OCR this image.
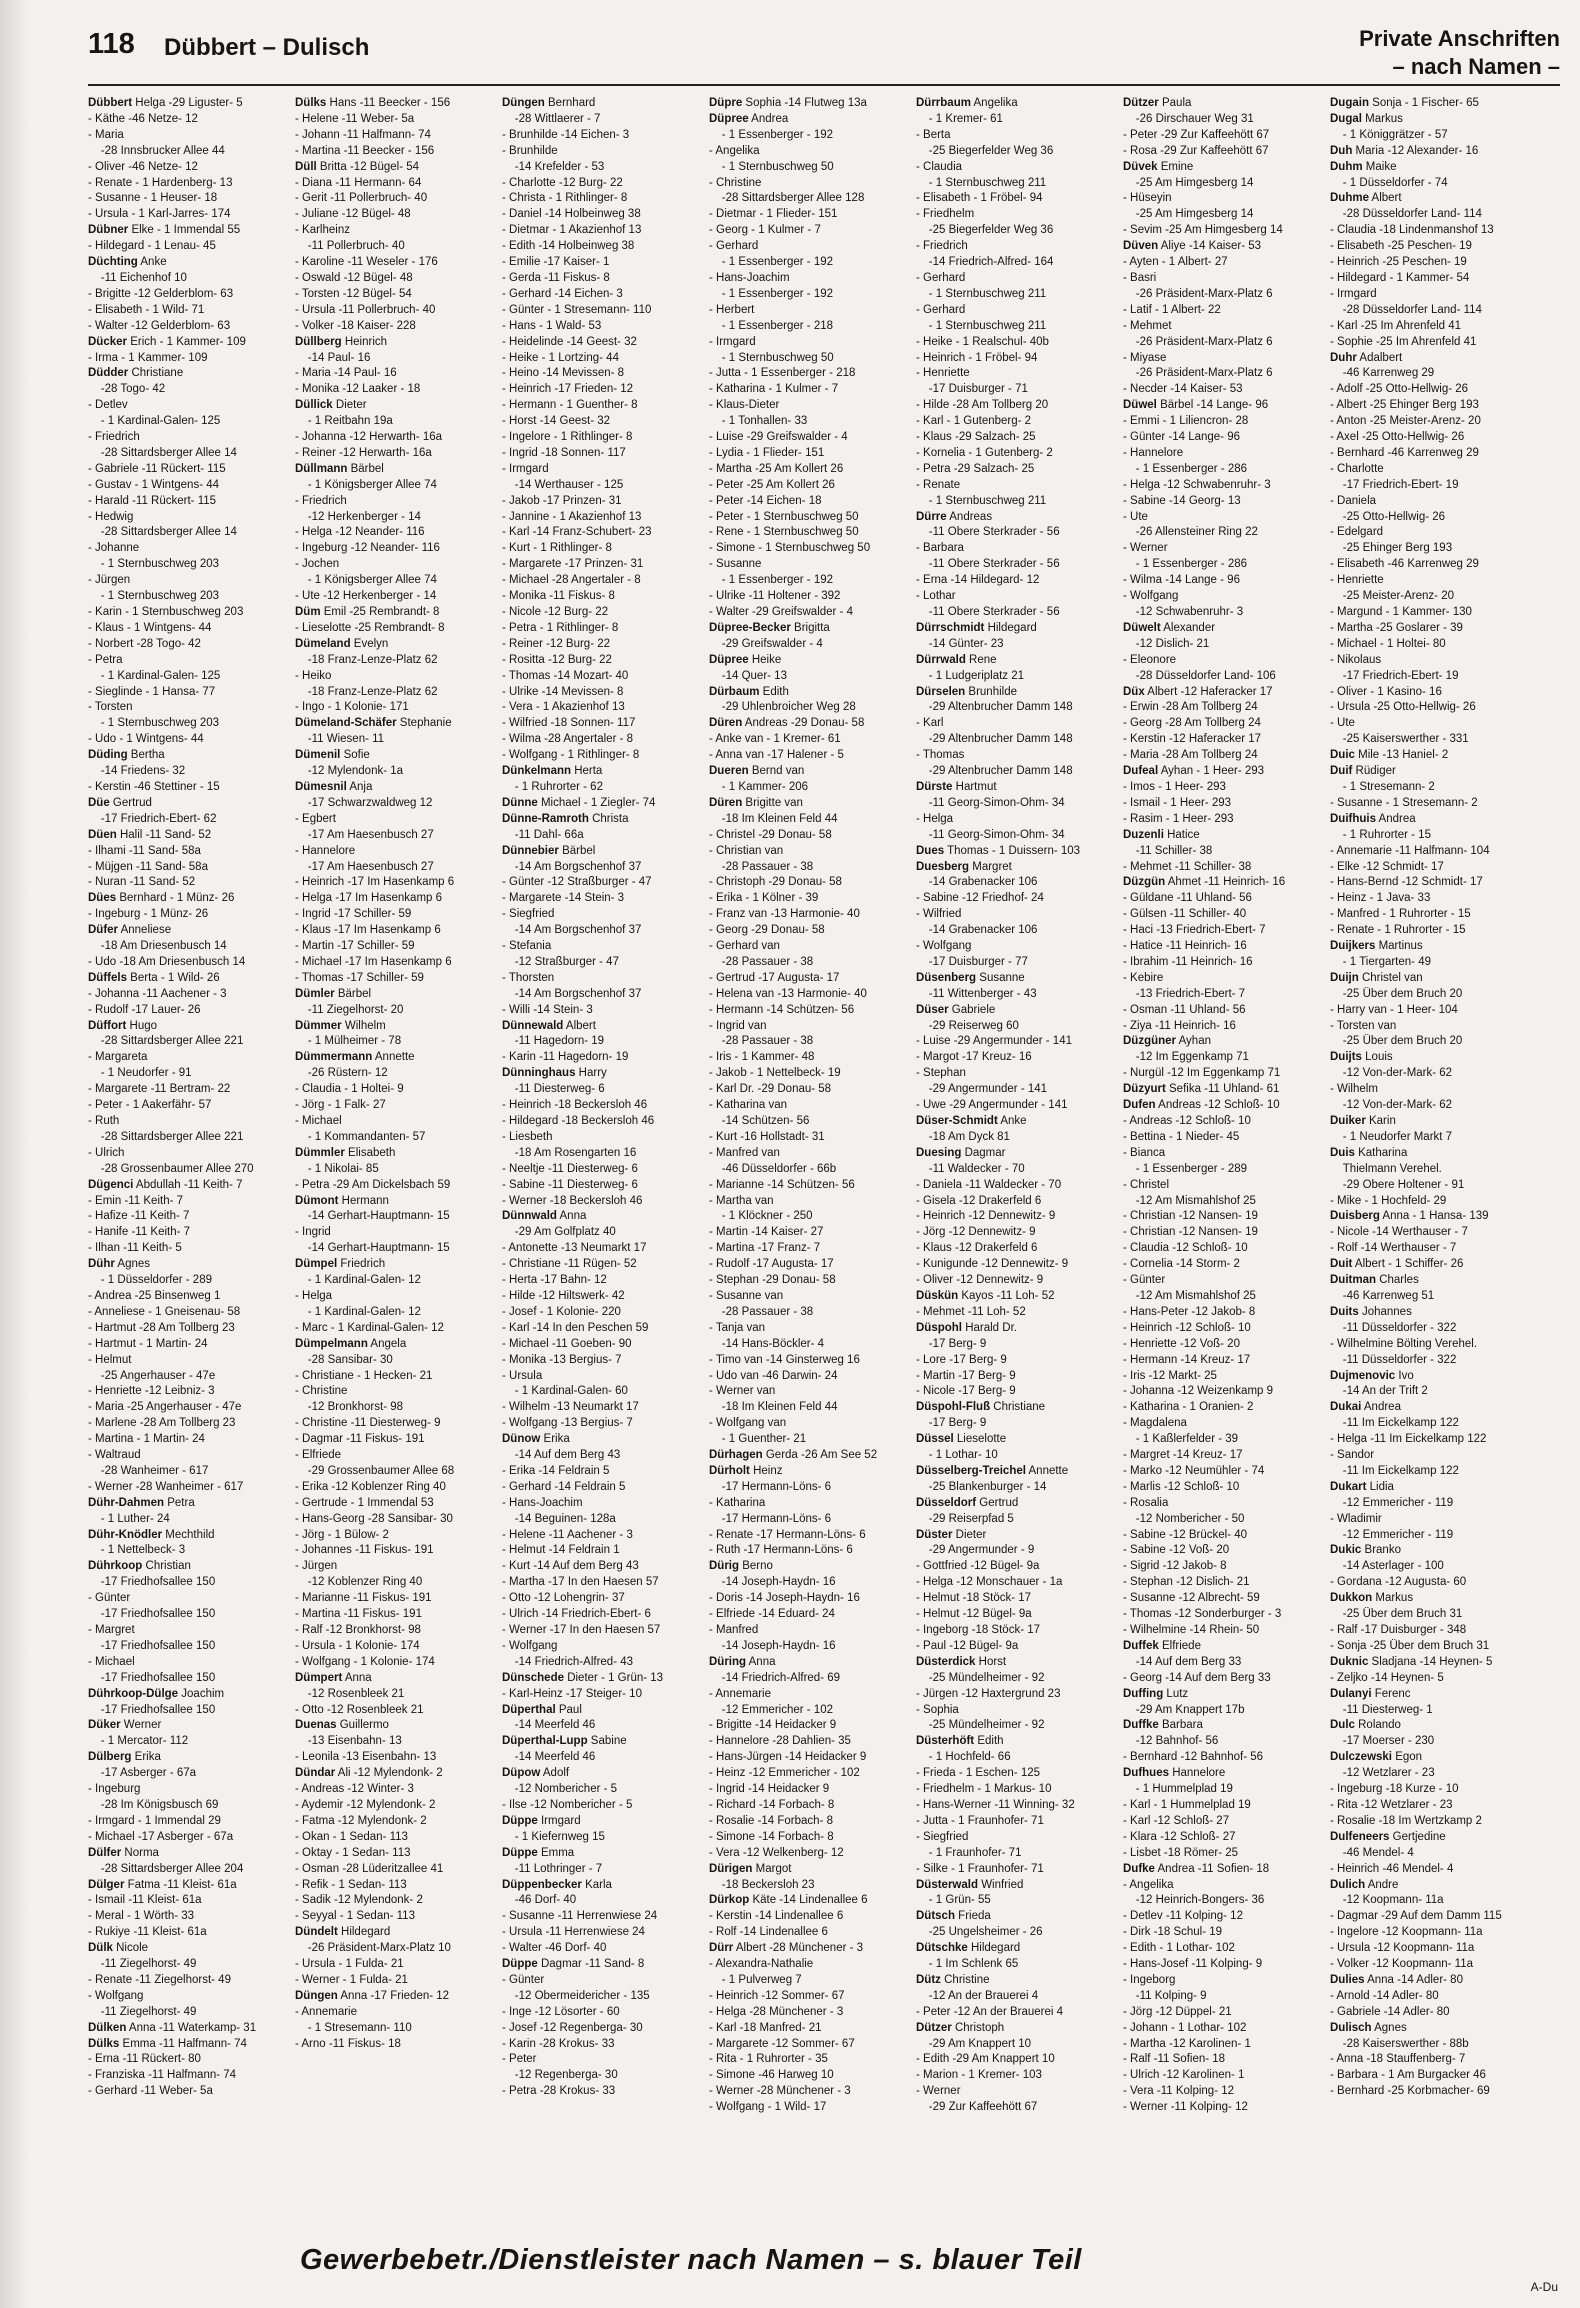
118 Dübbert – Dulisch	Private Anschriften
– nach Namen –
Dübbert Helga -29 Liguster- 5
- Käthe -46 Netze- 12
- Maria
-28 Innsbrucker Allee 44
- Oliver -46 Netze- 12
- Renate - 1 Hardenberg- 13
- Susanne - 1 Heuser- 18
- Ursula - 1 Karl-Jarres- 174
Dübner Elke - 1 Immendal 55
- Hildegard - 1 Lenau- 45
Düchting Anke
-11 Eichenhof 10
- Brigitte -12 Gelderblom- 63
- Elisabeth - 1 Wild- 71
- Walter -12 Gelderblom- 63
Dücker Erich - 1 Kammer- 109
- Irma - 1 Kammer- 109
Düdder Christiane
-28 Togo- 42
- Detlev
- 1 Kardinal-Galen- 125
- Friedrich
-28 Sittardsberger Allee 14
- Gabriele -11 Rückert- 115
- Gustav - 1 Wintgens- 44
- Harald -11 Rückert- 115
- Hedwig
-28 Sittardsberger Allee 14
- Johanne
- 1 Sternbuschweg 203
- Jürgen
- 1 Sternbuschweg 203
- Karin - 1 Sternbuschweg 203
- Klaus - 1 Wintgens- 44
- Norbert -28 Togo- 42
- Petra
- 1 Kardinal-Galen- 125
- Sieglinde - 1 Hansa- 77
- Torsten
- 1 Sternbuschweg 203
- Udo - 1 Wintgens- 44
Düding Bertha
-14 Friedens- 32
- Kerstin -46 Stettiner - 15
Düe Gertrud
-17 Friedrich-Ebert- 62
Düen Halil -11 Sand- 52
- Ilhami -11 Sand- 58a
- Müjgen -11 Sand- 58a
- Nuran -11 Sand- 52
Dües Bernhard - 1 Münz- 26
- Ingeburg - 1 Münz- 26
Düfer Anneliese
-18 Am Driesenbusch 14
- Udo -18 Am Driesenbusch 14
Düffels Berta - 1 Wild- 26
- Johanna -11 Aachener - 3
- Rudolf -17 Lauer- 26
Düffort Hugo
-28 Sittardsberger Allee 221
- Margareta
- 1 Neudorfer - 91
- Margarete -11 Bertram- 22
- Peter - 1 Aakerfähr- 57
- Ruth
-28 Sittardsberger Allee 221
- Ulrich
-28 Grossenbaumer Allee 270
Dügenci Abdullah -11 Keith- 7
- Emin -11 Keith- 7
- Hafize -11 Keith- 7
- Hanife -11 Keith- 7
- Ilhan -11 Keith- 5
Dühr Agnes
- 1 Düsseldorfer - 289
- Andrea -25 Binsenweg 1
- Anneliese - 1 Gneisenau- 58
- Hartmut -28 Am Tollberg 23
- Hartmut - 1 Martin- 24
- Helmut
-25 Angerhauser - 47e
- Henriette -12 Leibniz- 3
- Maria -25 Angerhauser - 47e
- Marlene -28 Am Tollberg 23
- Martina - 1 Martin- 24
- Waltraud
-28 Wanheimer - 617
- Werner -28 Wanheimer - 617
Dühr-Dahmen Petra
- 1 Luther- 24
Dühr-Knödler Mechthild
- 1 Nettelbeck- 3
Dührkoop Christian
-17 Friedhofsallee 150
- Günter
-17 Friedhofsallee 150
- Margret
-17 Friedhofsallee 150
- Michael
-17 Friedhofsallee 150
Dührkoop-Dülge Joachim
-17 Friedhofsallee 150
Düker Werner
- 1 Mercator- 112
Dülberg Erika
-17 Asberger - 67a
- Ingeburg
-28 Im Königsbusch 69
- Irmgard - 1 Immendal 29
- Michael -17 Asberger - 67a
Dülfer Norma
-28 Sittardsberger Allee 204
Dülger Fatma -11 Kleist- 61a
- Ismail -11 Kleist- 61a
- Meral - 1 Wörth- 33
- Rukiye -11 Kleist- 61a
Dülk Nicole
-11 Ziegelhorst- 49
- Renate -11 Ziegelhorst- 49
- Wolfgang
-11 Ziegelhorst- 49
Dülken Anna -11 Waterkamp- 31
Dülks Emma -11 Halfmann- 74
- Erna -11 Rückert- 80
- Franziska -11 Halfmann- 74
- Gerhard -11 Weber- 5a
Dülks Hans -11 Beecker - 156
- Helene -11 Weber- 5a
- Johann -11 Halfmann- 74
- Martina -11 Beecker - 156
Düll Britta -12 Bügel- 54
- Diana -11 Hermann- 64
- Gerit -11 Pollerbruch- 40
- Juliane -12 Bügel- 48
- Karlheinz
-11 Pollerbruch- 40
- Karoline -11 Weseler - 176
- Oswald -12 Bügel- 48
- Torsten -12 Bügel- 54
- Ursula -11 Pollerbruch- 40
- Volker -18 Kaiser- 228
Düllberg Heinrich
-14 Paul- 16
- Maria -14 Paul- 16
- Monika -12 Laaker - 18
Düllick Dieter
- 1 Reitbahn 19a
- Johanna -12 Herwarth- 16a
- Reiner -12 Herwarth- 16a
Düllmann Bärbel
- 1 Königsberger Allee 74
- Friedrich
-12 Herkenberger - 14
- Helga -12 Neander- 116
- Ingeburg -12 Neander- 116
- Jochen
- 1 Königsberger Allee 74
- Ute -12 Herkenberger - 14
Düm Emil -25 Rembrandt- 8
- Lieselotte -25 Rembrandt- 8
Dümeland Evelyn
-18 Franz-Lenze-Platz 62
- Heiko
-18 Franz-Lenze-Platz 62
- Ingo - 1 Kolonie- 171
Dümeland-Schäfer Stephanie
-11 Wiesen- 11
Dümenil Sofie
-12 Mylendonk- 1a
Dümesnil Anja
-17 Schwarzwaldweg 12
- Egbert
-17 Am Haesenbusch 27
- Hannelore
-17 Am Haesenbusch 27
- Heinrich -17 Im Hasenkamp 6
- Helga -17 Im Hasenkamp 6
- Ingrid -17 Schiller- 59
- Klaus -17 Im Hasenkamp 6
- Martin -17 Schiller- 59
- Michael -17 Im Hasenkamp 6
- Thomas -17 Schiller- 59
Dümler Bärbel
-11 Ziegelhorst- 20
Dümmer Wilhelm
- 1 Mülheimer - 78
Dümmermann Annette
-26 Rüstern- 12
- Claudia - 1 Holtei- 9
- Jörg - 1 Falk- 27
- Michael
- 1 Kommandanten- 57
Dümmler Elisabeth
- 1 Nikolai- 85
- Petra -29 Am Dickelsbach 59
Dümont Hermann
-14 Gerhart-Hauptmann- 15
- Ingrid
-14 Gerhart-Hauptmann- 15
Dümpel Friedrich
- 1 Kardinal-Galen- 12
- Helga
- 1 Kardinal-Galen- 12
- Marc - 1 Kardinal-Galen- 12
Dümpelmann Angela
-28 Sansibar- 30
- Christiane - 1 Hecken- 21
- Christine
-12 Bronkhorst- 98
- Christine -11 Diesterweg- 9
- Dagmar -11 Fiskus- 191
- Elfriede
-29 Grossenbaumer Allee 68
- Erika -12 Koblenzer Ring 40
- Gertrude - 1 Immendal 53
- Hans-Georg -28 Sansibar- 30
- Jörg - 1 Bülow- 2
- Johannes -11 Fiskus- 191
- Jürgen
-12 Koblenzer Ring 40
- Marianne -11 Fiskus- 191
- Martina -11 Fiskus- 191
- Ralf -12 Bronkhorst- 98
- Ursula - 1 Kolonie- 174
- Wolfgang - 1 Kolonie- 174
Dümpert Anna
-12 Rosenbleek 21
- Otto -12 Rosenbleek 21
Duenas Guillermo
-13 Eisenbahn- 13
- Leonila -13 Eisenbahn- 13
Dündar Ali -12 Mylendonk- 2
- Andreas -12 Winter- 3
- Aydemir -12 Mylendonk- 2
- Fatma -12 Mylendonk- 2
- Okan - 1 Sedan- 113
- Oktay - 1 Sedan- 113
- Osman -28 Lüderitzallee 41
- Refik - 1 Sedan- 113
- Sadik -12 Mylendonk- 2
- Seyyal - 1 Sedan- 113
Dündelt Hildegard
-26 Präsident-Marx-Platz 10
- Ursula - 1 Fulda- 21
- Werner - 1 Fulda- 21
Düngen Anna -17 Frieden- 12
- Annemarie
- 1 Stresemann- 110
- Arno -11 Fiskus- 18
Düngen Bernhard
-28 Wittlaerer - 7
- Brunhilde -14 Eichen- 3
- Brunhilde
-14 Krefelder - 53
- Charlotte -12 Burg- 22
- Christa - 1 Rithlinger- 8
- Daniel -14 Holbeinweg 38
- Dietmar - 1 Akazienhof 13
- Edith -14 Holbeinweg 38
- Emilie -17 Kaiser- 1
- Gerda -11 Fiskus- 8
- Gerhard -14 Eichen- 3
- Günter - 1 Stresemann- 110
- Hans - 1 Wald- 53
- Heidelinde -14 Geest- 32
- Heike - 1 Lortzing- 44
- Heino -14 Mevissen- 8
- Heinrich -17 Frieden- 12
- Hermann - 1 Guenther- 8
- Horst -14 Geest- 32
- Ingelore - 1 Rithlinger- 8
- Ingrid -18 Sonnen- 117
- Irmgard
-14 Werthauser - 125
- Jakob -17 Prinzen- 31
- Jannine - 1 Akazienhof 13
- Karl -14 Franz-Schubert- 23
- Kurt - 1 Rithlinger- 8
- Margarete -17 Prinzen- 31
- Michael -28 Angertaler - 8
- Monika -11 Fiskus- 8
- Nicole -12 Burg- 22
- Petra - 1 Rithlinger- 8
- Reiner -12 Burg- 22
- Rositta -12 Burg- 22
- Thomas -14 Mozart- 40
- Ulrike -14 Mevissen- 8
- Vera - 1 Akazienhof 13
- Wilfried -18 Sonnen- 117
- Wilma -28 Angertaler - 8
- Wolfgang - 1 Rithlinger- 8
Dünkelmann Herta
- 1 Ruhrorter - 62
Dünne Michael - 1 Ziegler- 74
Dünne-Ramroth Christa
-11 Dahl- 66a
Dünnebier Bärbel
-14 Am Borgschenhof 37
- Günter -12 Straßburger - 47
- Margarete -14 Stein- 3
- Siegfried
-14 Am Borgschenhof 37
- Stefania
-12 Straßburger - 47
- Thorsten
-14 Am Borgschenhof 37
- Willi -14 Stein- 3
Dünnewald Albert
-11 Hagedorn- 19
- Karin -11 Hagedorn- 19
Dünninghaus Harry
-11 Diesterweg- 6
- Heinrich -18 Beckersloh 46
- Hildegard -18 Beckersloh 46
- Liesbeth
-18 Am Rosengarten 16
- Neeltje -11 Diesterweg- 6
- Sabine -11 Diesterweg- 6
- Werner -18 Beckersloh 46
Dünnwald Anna
-29 Am Golfplatz 40
- Antonette -13 Neumarkt 17
- Christiane -11 Rügen- 52
- Herta -17 Bahn- 12
- Hilde -12 Hiltswerk- 42
- Josef - 1 Kolonie- 220
- Karl -14 In den Peschen 59
- Michael -11 Goeben- 90
- Monika -13 Bergius- 7
- Ursula
- 1 Kardinal-Galen- 60
- Wilhelm -13 Neumarkt 17
- Wolfgang -13 Bergius- 7
Dünow Erika
-14 Auf dem Berg 43
- Erika -14 Feldrain 5
- Gerhard -14 Feldrain 5
- Hans-Joachim
-14 Beguinen- 128a
- Helene -11 Aachener - 3
- Helmut -14 Feldrain 1
- Kurt -14 Auf dem Berg 43
- Martha -17 In den Haesen 57
- Otto -12 Lohengrin- 37
- Ulrich -14 Friedrich-Ebert- 6
- Werner -17 In den Haesen 57
- Wolfgang
-14 Friedrich-Alfred- 43
Dünschede Dieter - 1 Grün- 13
- Karl-Heinz -17 Steiger- 10
Düperthal Paul
-14 Meerfeld 46
Düperthal-Lupp Sabine
-14 Meerfeld 46
Düpow Adolf
-12 Nombericher - 5
- Ilse -12 Nombericher - 5
Düppe Irmgard
- 1 Kiefernweg 15
Düppe Emma
-11 Lothringer - 7
Düppenbecker Karla
-46 Dorf- 40
- Susanne -11 Herrenwiese 24
- Ursula -11 Herrenwiese 24
- Walter -46 Dorf- 40
Düppe Dagmar -11 Sand- 8
- Günter
-12 Obermeidericher - 135
- Inge -12 Lösorter - 60
- Josef -12 Regenberga- 30
- Karin -28 Krokus- 33
- Peter
-12 Regenberga- 30
- Petra -28 Krokus- 33
Düpre Sophia -14 Flutweg 13a
Düpree Andrea
- 1 Essenberger - 192
- Angelika
- 1 Sternbuschweg 50
- Christine
-28 Sittardsberger Allee 128
- Dietmar - 1 Flieder- 151
- Georg - 1 Kulmer - 7
- Gerhard
- 1 Essenberger - 192
- Hans-Joachim
- 1 Essenberger - 192
- Herbert
- 1 Essenberger - 218
- Irmgard
- 1 Sternbuschweg 50
- Jutta - 1 Essenberger - 218
- Katharina - 1 Kulmer - 7
- Klaus-Dieter
- 1 Tonhallen- 33
- Luise -29 Greifswalder - 4
- Lydia - 1 Flieder- 151
- Martha -25 Am Kollert 26
- Peter -25 Am Kollert 26
- Peter -14 Eichen- 18
- Peter - 1 Sternbuschweg 50
- Rene - 1 Sternbuschweg 50
- Simone - 1 Sternbuschweg 50
- Susanne
- 1 Essenberger - 192
- Ulrike -11 Holtener - 392
- Walter -29 Greifswalder - 4
Düpree-Becker Brigitta
-29 Greifswalder - 4
Düpree Heike
-14 Quer- 13
Dürbaum Edith
-29 Uhlenbroicher Weg 28
Düren Andreas -29 Donau- 58
- Anke van - 1 Kremer- 61
- Anna van -17 Halener - 5
Dueren Bernd van
- 1 Kammer- 206
Düren Brigitte van
-18 Im Kleinen Feld 44
- Christel -29 Donau- 58
- Christian van
-28 Passauer - 38
- Christoph -29 Donau- 58
- Erika - 1 Kölner - 39
- Franz van -13 Harmonie- 40
- Georg -29 Donau- 58
- Gerhard van
-28 Passauer - 38
- Gertrud -17 Augusta- 17
- Helena van -13 Harmonie- 40
- Hermann -14 Schützen- 56
- Ingrid van
-28 Passauer - 38
- Iris - 1 Kammer- 48
- Jakob - 1 Nettelbeck- 19
- Karl Dr. -29 Donau- 58
- Katharina van
-14 Schützen- 56
- Kurt -16 Hollstadt- 31
- Manfred van
-46 Düsseldorfer - 66b
- Marianne -14 Schützen- 56
- Martha van
- 1 Klöckner - 250
- Martin -14 Kaiser- 27
- Martina -17 Franz- 7
- Rudolf -17 Augusta- 17
- Stephan -29 Donau- 58
- Susanne van
-28 Passauer - 38
- Tanja van
-14 Hans-Böckler- 4
- Timo van -14 Ginsterweg 16
- Udo van -46 Darwin- 24
- Werner van
-18 Im Kleinen Feld 44
- Wolfgang van
- 1 Guenther- 21
Dürhagen Gerda -26 Am See 52
Dürholt Heinz
-17 Hermann-Löns- 6
- Katharina
-17 Hermann-Löns- 6
- Renate -17 Hermann-Löns- 6
- Ruth -17 Hermann-Löns- 6
Dürig Berno
-14 Joseph-Haydn- 16
- Doris -14 Joseph-Haydn- 16
- Elfriede -14 Eduard- 24
- Manfred
-14 Joseph-Haydn- 16
Düring Anna
-14 Friedrich-Alfred- 69
- Annemarie
-12 Emmericher - 102
- Brigitte -14 Heidacker 9
- Hannelore -28 Dahlien- 35
- Hans-Jürgen -14 Heidacker 9
- Heinz -12 Emmericher - 102
- Ingrid -14 Heidacker 9
- Richard -14 Forbach- 8
- Rosalie -14 Forbach- 8
- Simone -14 Forbach- 8
- Vera -12 Welkenberg- 12
Dürigen Margot
-18 Beckersloh 23
Dürkop Käte -14 Lindenallee 6
- Kerstin -14 Lindenallee 6
- Rolf -14 Lindenallee 6
Dürr Albert -28 Münchener - 3
- Alexandra-Nathalie
- 1 Pulverweg 7
- Heinrich -12 Sommer- 67
- Helga -28 Münchener - 3
- Karl -18 Manfred- 21
- Margarete -12 Sommer- 67
- Rita - 1 Ruhrorter - 35
- Simone -46 Harweg 10
- Werner -28 Münchener - 3
- Wolfgang - 1 Wild- 17
Dürrbaum Angelika
- 1 Kremer- 61
- Berta
-25 Biegerfelder Weg 36
- Claudia
- 1 Sternbuschweg 211
- Elisabeth - 1 Fröbel- 94
- Friedhelm
-25 Biegerfelder Weg 36
- Friedrich
-14 Friedrich-Alfred- 164
- Gerhard
- 1 Sternbuschweg 211
- Gerhard
- 1 Sternbuschweg 211
- Heike - 1 Realschul- 40b
- Heinrich - 1 Fröbel- 94
- Henriette
-17 Duisburger - 71
- Hilde -28 Am Tollberg 20
- Karl - 1 Gutenberg- 2
- Klaus -29 Salzach- 25
- Kornelia - 1 Gutenberg- 2
- Petra -29 Salzach- 25
- Renate
- 1 Sternbuschweg 211
Dürre Andreas
-11 Obere Sterkrader - 56
- Barbara
-11 Obere Sterkrader - 56
- Erna -14 Hildegard- 12
- Lothar
-11 Obere Sterkrader - 56
Dürrschmidt Hildegard
-14 Günter- 23
Dürrwald Rene
- 1 Ludgeriplatz 21
Dürselen Brunhilde
-29 Altenbrucher Damm 148
- Karl
-29 Altenbrucher Damm 148
- Thomas
-29 Altenbrucher Damm 148
Dürste Hartmut
-11 Georg-Simon-Ohm- 34
- Helga
-11 Georg-Simon-Ohm- 34
Dues Thomas - 1 Duissern- 103
Duesberg Margret
-14 Grabenacker 106
- Sabine -12 Friedhof- 24
- Wilfried
-14 Grabenacker 106
- Wolfgang
-17 Duisburger - 77
Düsenberg Susanne
-11 Wittenberger - 43
Düser Gabriele
-29 Reiserweg 60
- Luise -29 Angermunder - 141
- Margot -17 Kreuz- 16
- Stephan
-29 Angermunder - 141
- Uwe -29 Angermunder - 141
Düser-Schmidt Anke
-18 Am Dyck 81
Duesing Dagmar
-11 Waldecker - 70
- Daniela -11 Waldecker - 70
- Gisela -12 Drakerfeld 6
- Heinrich -12 Dennewitz- 9
- Jörg -12 Dennewitz- 9
- Klaus -12 Drakerfeld 6
- Kunigunde -12 Dennewitz- 9
- Oliver -12 Dennewitz- 9
Düskün Kayos -11 Loh- 52
- Mehmet -11 Loh- 52
Düspohl Harald Dr.
-17 Berg- 9
- Lore -17 Berg- 9
- Martin -17 Berg- 9
- Nicole -17 Berg- 9
Düspohl-Fluß Christiane
-17 Berg- 9
Düssel Lieselotte
- 1 Lothar- 10
Düsselberg-Treichel Annette
-25 Blankenburger - 14
Düsseldorf Gertrud
-29 Reiserpfad 5
Düster Dieter
-29 Angermunder - 9
- Gottfried -12 Bügel- 9a
- Helga -12 Monschauer - 1a
- Helmut -18 Stöck- 17
- Helmut -12 Bügel- 9a
- Ingeborg -18 Stöck- 17
- Paul -12 Bügel- 9a
Düsterdick Horst
-25 Mündelheimer - 92
- Jürgen -12 Haxtergrund 23
- Sophia
-25 Mündelheimer - 92
Düsterhöft Edith
- 1 Hochfeld- 66
- Frieda - 1 Eschen- 125
- Friedhelm - 1 Markus- 10
- Hans-Werner -11 Winning- 32
- Jutta - 1 Fraunhofer- 71
- Siegfried
- 1 Fraunhofer- 71
- Silke - 1 Fraunhofer- 71
Düsterwald Winfried
- 1 Grün- 55
Dütsch Frieda
-25 Ungelsheimer - 26
Dütschke Hildegard
- 1 Im Schlenk 65
Dütz Christine
-12 An der Brauerei 4
- Peter -12 An der Brauerei 4
Dützer Christoph
-29 Am Knappert 10
- Edith -29 Am Knappert 10
- Marion - 1 Kremer- 103
- Werner
-29 Zur Kaffeehött 67
Dützer Paula
-26 Dirschauer Weg 31
- Peter -29 Zur Kaffeehött 67
- Rosa -29 Zur Kaffeehött 67
Düvek Emine
-25 Am Himgesberg 14
- Hüseyin
-25 Am Himgesberg 14
- Sevim -25 Am Himgesberg 14
Düven Aliye -14 Kaiser- 53
- Ayten - 1 Albert- 27
- Basri
-26 Präsident-Marx-Platz 6
- Latif - 1 Albert- 22
- Mehmet
-26 Präsident-Marx-Platz 6
- Miyase
-26 Präsident-Marx-Platz 6
- Necder -14 Kaiser- 53
Düwel Bärbel -14 Lange- 96
- Emmi - 1 Liliencron- 28
- Günter -14 Lange- 96
- Hannelore
- 1 Essenberger - 286
- Helga -12 Schwabenruhr- 3
- Sabine -14 Georg- 13
- Ute
-26 Allensteiner Ring 22
- Werner
- 1 Essenberger - 286
- Wilma -14 Lange - 96
- Wolfgang
-12 Schwabenruhr- 3
Düwelt Alexander
-12 Dislich- 21
- Eleonore
-28 Düsseldorfer Land- 106
Düx Albert -12 Haferacker 17
- Erwin -28 Am Tollberg 24
- Georg -28 Am Tollberg 24
- Kerstin -12 Haferacker 17
- Maria -28 Am Tollberg 24
Dufeal Ayhan - 1 Heer- 293
- Imos - 1 Heer- 293
- Ismail - 1 Heer- 293
- Rasim - 1 Heer- 293
Duzenli Hatice
-11 Schiller- 38
- Mehmet -11 Schiller- 38
Düzgün Ahmet -11 Heinrich- 16
- Güldane -11 Uhland- 56
- Gülsen -11 Schiller- 40
- Haci -13 Friedrich-Ebert- 7
- Hatice -11 Heinrich- 16
- Ibrahim -11 Heinrich- 16
- Kebire
-13 Friedrich-Ebert- 7
- Osman -11 Uhland- 56
- Ziya -11 Heinrich- 16
Düzgüner Ayhan
-12 Im Eggenkamp 71
- Nurgül -12 Im Eggenkamp 71
Düzyurt Sefika -11 Uhland- 61
Dufen Andreas -12 Schloß- 10
- Andreas -12 Schloß- 10
- Bettina - 1 Nieder- 45
- Bianca
- 1 Essenberger - 289
- Christel
-12 Am Mismahlshof 25
- Christian -12 Nansen- 19
- Christian -12 Nansen- 19
- Claudia -12 Schloß- 10
- Cornelia -14 Storm- 2
- Günter
-12 Am Mismahlshof 25
- Hans-Peter -12 Jakob- 8
- Heinrich -12 Schloß- 10
- Henriette -12 Voß- 20
- Hermann -14 Kreuz- 17
- Iris -12 Markt- 25
- Johanna -12 Weizenkamp 9
- Katharina - 1 Oranien- 2
- Magdalena
- 1 Kaßlerfelder - 39
- Margret -14 Kreuz- 17
- Marko -12 Neumühler - 74
- Marlis -12 Schloß- 10
- Rosalia
-12 Nombericher - 50
- Sabine -12 Brückel- 40
- Sabine -12 Voß- 20
- Sigrid -12 Jakob- 8
- Stephan -12 Dislich- 21
- Susanne -12 Albrecht- 59
- Thomas -12 Sonderburger - 3
- Wilhelmine -14 Rhein- 50
Duffek Elfriede
-14 Auf dem Berg 33
- Georg -14 Auf dem Berg 33
Duffing Lutz
-29 Am Knappert 17b
Duffke Barbara
-12 Bahnhof- 56
- Bernhard -12 Bahnhof- 56
Dufhues Hannelore
- 1 Hummelplad 19
- Karl - 1 Hummelplad 19
- Karl -12 Schloß- 27
- Klara -12 Schloß- 27
- Lisbet -18 Römer- 25
Dufke Andrea -11 Sofien- 18
- Angelika
-12 Heinrich-Bongers- 36
- Detlev -11 Kolping- 12
- Dirk -18 Schul- 19
- Edith - 1 Lothar- 102
- Hans-Josef -11 Kolping- 9
- Ingeborg
-11 Kolping- 9
- Jörg -12 Düppel- 21
- Johann - 1 Lothar- 102
- Martha -12 Karolinen- 1
- Ralf -11 Sofien- 18
- Ulrich -12 Karolinen- 1
- Vera -11 Kolping- 12
- Werner -11 Kolping- 12
Dugain Sonja - 1 Fischer- 65
Dugal Markus
- 1 Königgrätzer - 57
Duh Maria -12 Alexander- 16
Duhm Maike
- 1 Düsseldorfer - 74
Duhme Albert
-28 Düsseldorfer Land- 114
- Claudia -18 Lindenmanshof 13
- Elisabeth -25 Peschen- 19
- Heinrich -25 Peschen- 19
- Hildegard - 1 Kammer- 54
- Irmgard
-28 Düsseldorfer Land- 114
- Karl -25 Im Ahrenfeld 41
- Sophie -25 Im Ahrenfeld 41
Duhr Adalbert
-46 Karrenweg 29
- Adolf -25 Otto-Hellwig- 26
- Albert -25 Ehinger Berg 193
- Anton -25 Meister-Arenz- 20
- Axel -25 Otto-Hellwig- 26
- Bernhard -46 Karrenweg 29
- Charlotte
-17 Friedrich-Ebert- 19
- Daniela
-25 Otto-Hellwig- 26
- Edelgard
-25 Ehinger Berg 193
- Elisabeth -46 Karrenweg 29
- Henriette
-25 Meister-Arenz- 20
- Margund - 1 Kammer- 130
- Martha -25 Goslarer - 39
- Michael - 1 Holtei- 80
- Nikolaus
-17 Friedrich-Ebert- 19
- Oliver - 1 Kasino- 16
- Ursula -25 Otto-Hellwig- 26
- Ute
-25 Kaiserswerther - 331
Duic Mile -13 Haniel- 2
Duif Rüdiger
- 1 Stresemann- 2
- Susanne - 1 Stresemann- 2
Duifhuis Andrea
- 1 Ruhrorter - 15
- Annemarie -11 Halfmann- 104
- Elke -12 Schmidt- 17
- Hans-Bernd -12 Schmidt- 17
- Heinz - 1 Java- 33
- Manfred - 1 Ruhrorter - 15
- Renate - 1 Ruhrorter - 15
Duijkers Martinus
- 1 Tiergarten- 49
Duijn Christel van
-25 Über dem Bruch 20
- Harry van - 1 Heer- 104
- Torsten van
-25 Über dem Bruch 20
Duijts Louis
-12 Von-der-Mark- 62
- Wilhelm
-12 Von-der-Mark- 62
Duiker Karin
- 1 Neudorfer Markt 7
Duis Katharina
Thielmann Verehel.
-29 Obere Holtener - 91
- Mike - 1 Hochfeld- 29
Duisberg Anna - 1 Hansa- 139
- Nicole -14 Werthauser - 7
- Rolf -14 Werthauser - 7
Duit Albert - 1 Schiffer- 26
Duitman Charles
-46 Karrenweg 51
Duits Johannes
-11 Düsseldorfer - 322
- Wilhelmine Bölting Verehel.
-11 Düsseldorfer - 322
Dujmenovic Ivo
-14 An der Trift 2
Dukai Andrea
-11 Im Eickelkamp 122
- Helga -11 Im Eickelkamp 122
- Sandor
-11 Im Eickelkamp 122
Dukart Lidia
-12 Emmericher - 119
- Wladimir
-12 Emmericher - 119
Dukic Branko
-14 Asterlager - 100
- Gordana -12 Augusta- 60
Dukkon Markus
-25 Über dem Bruch 31
- Ralf -17 Duisburger - 348
- Sonja -25 Über dem Bruch 31
Duknic Sladjana -14 Heynen- 5
- Zeljko -14 Heynen- 5
Dulanyi Ferenc
-11 Diesterweg- 1
Dulc Rolando
-17 Moerser - 230
Dulczewski Egon
-12 Wetzlarer - 23
- Ingeburg -18 Kurze - 10
- Rita -12 Wetzlarer - 23
- Rosalie -18 Im Wertzkamp 2
Dulfeneers Gertjedine
-46 Mendel- 4
- Heinrich -46 Mendel- 4
Dulich Andre
-12 Koopmann- 11a
- Dagmar -29 Auf dem Damm 115
- Ingelore -12 Koopmann- 11a
- Ursula -12 Koopmann- 11a
- Volker -12 Koopmann- 11a
Dulies Anna -14 Adler- 80
- Arnold -14 Adler- 80
- Gabriele -14 Adler- 80
Dulisch Agnes
-28 Kaiserswerther - 88b
- Anna -18 Stauffenberg- 7
- Barbara - 1 Am Burgacker 46
- Bernhard -25 Korbmacher- 69
Gewerbebetr./Dienstleister nach Namen – s. blauer Teil
A-Du
